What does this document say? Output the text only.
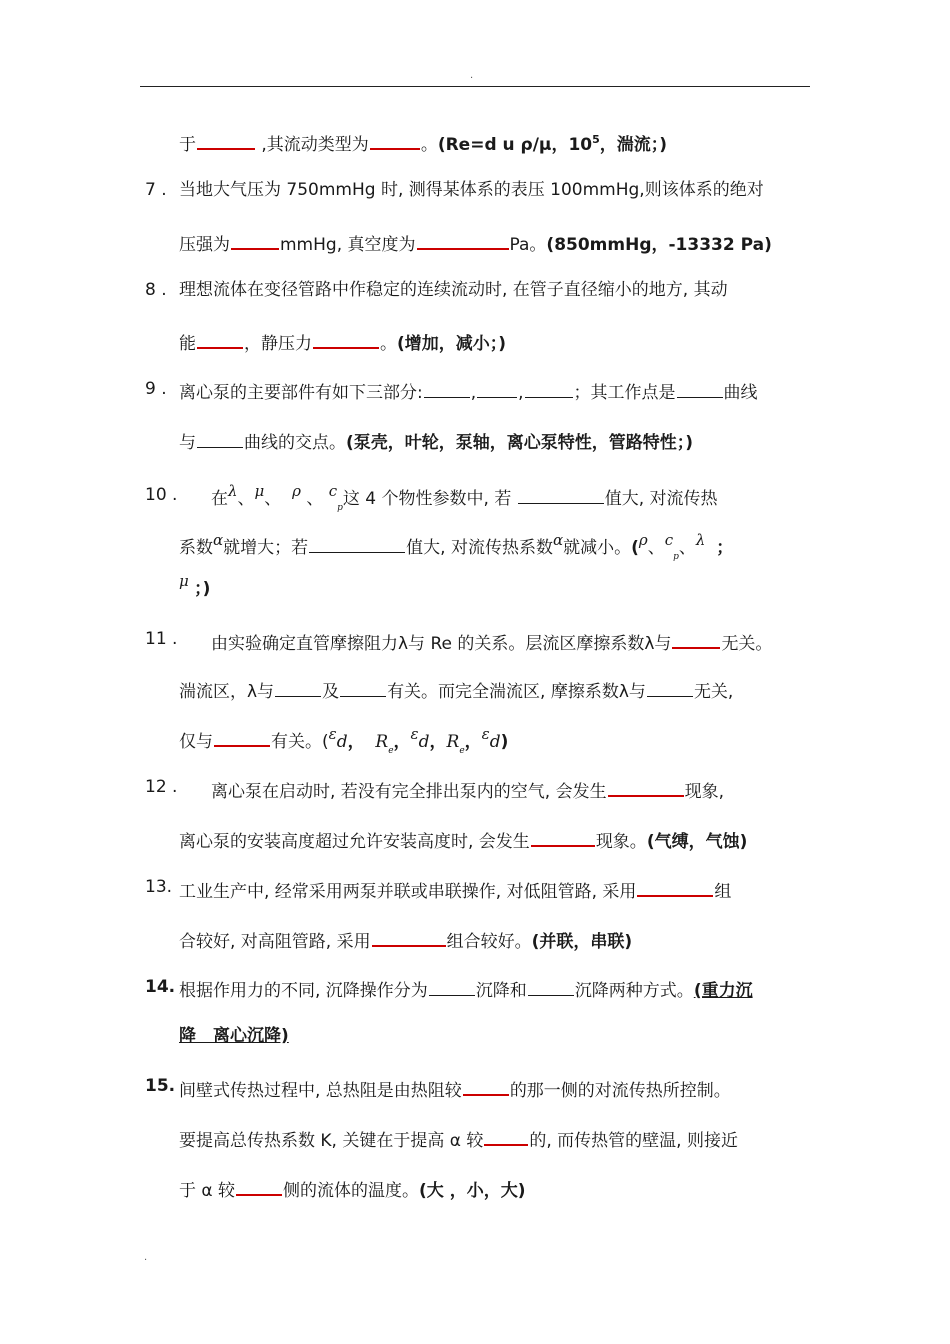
.
于	,其流动类型为	。(Re=d u ρ/μ，$10^5$，湍流；)
7 . 当地大气压为 750mmHg 时, 测得某体系的表压 100mmHg,则该体系的绝对
压强为	mmHg, 真空度为	Pa。(850mmHg，-13332 Pa)
8 . 理想流体在变径管路中作稳定的连续流动时, 在管子直径缩小的地方, 其动
能	，静压力	。(增加，减小；)
9 . 离心泵的主要部件有如下三部分:	, ,	；其工作点是	曲线
与	曲线的交点。(泵壳，叶轮，泵轴，离心泵特性，管路特性；)
10 . 在λ、μ、 ρ 、 $c_p$这 4 个物性参数中, 若	值大, 对流传热
系数α就增大；若	值大, 对流传热系数α就减小。(ρ、$c_p$、λ ；
μ ；)
11 . 由实验确定直管摩擦阻力λ与 Re 的关系。层流区摩擦系数λ与	无关。
湍流区，λ与	及	有关。而完全湍流区, 摩擦系数λ与	无关,
仅与	有关。(εd， $R_e$，εd，$R_e$，εd)
12 . 离心泵在启动时, 若没有完全排出泵内的空气, 会发生	现象,
离心泵的安装高度超过允许安装高度时, 会发生	现象。(气缚，气蚀)
13. 工业生产中, 经常采用两泵并联或串联操作, 对低阻管路, 采用	组
合较好, 对高阻管路, 采用	组合较好。(并联，串联)
14. 根据作用力的不同, 沉降操作分为	沉降和	沉降两种方式。(重力沉
降　离心沉降)
15. 间壁式传热过程中, 总热阻是由热阻较	的那一侧的对流传热所控制。
要提高总传热系数 K, 关键在于提高 α 较	的, 而传热管的壁温, 则接近
于 α 较	侧的流体的温度。(大 ，小，大)
.
